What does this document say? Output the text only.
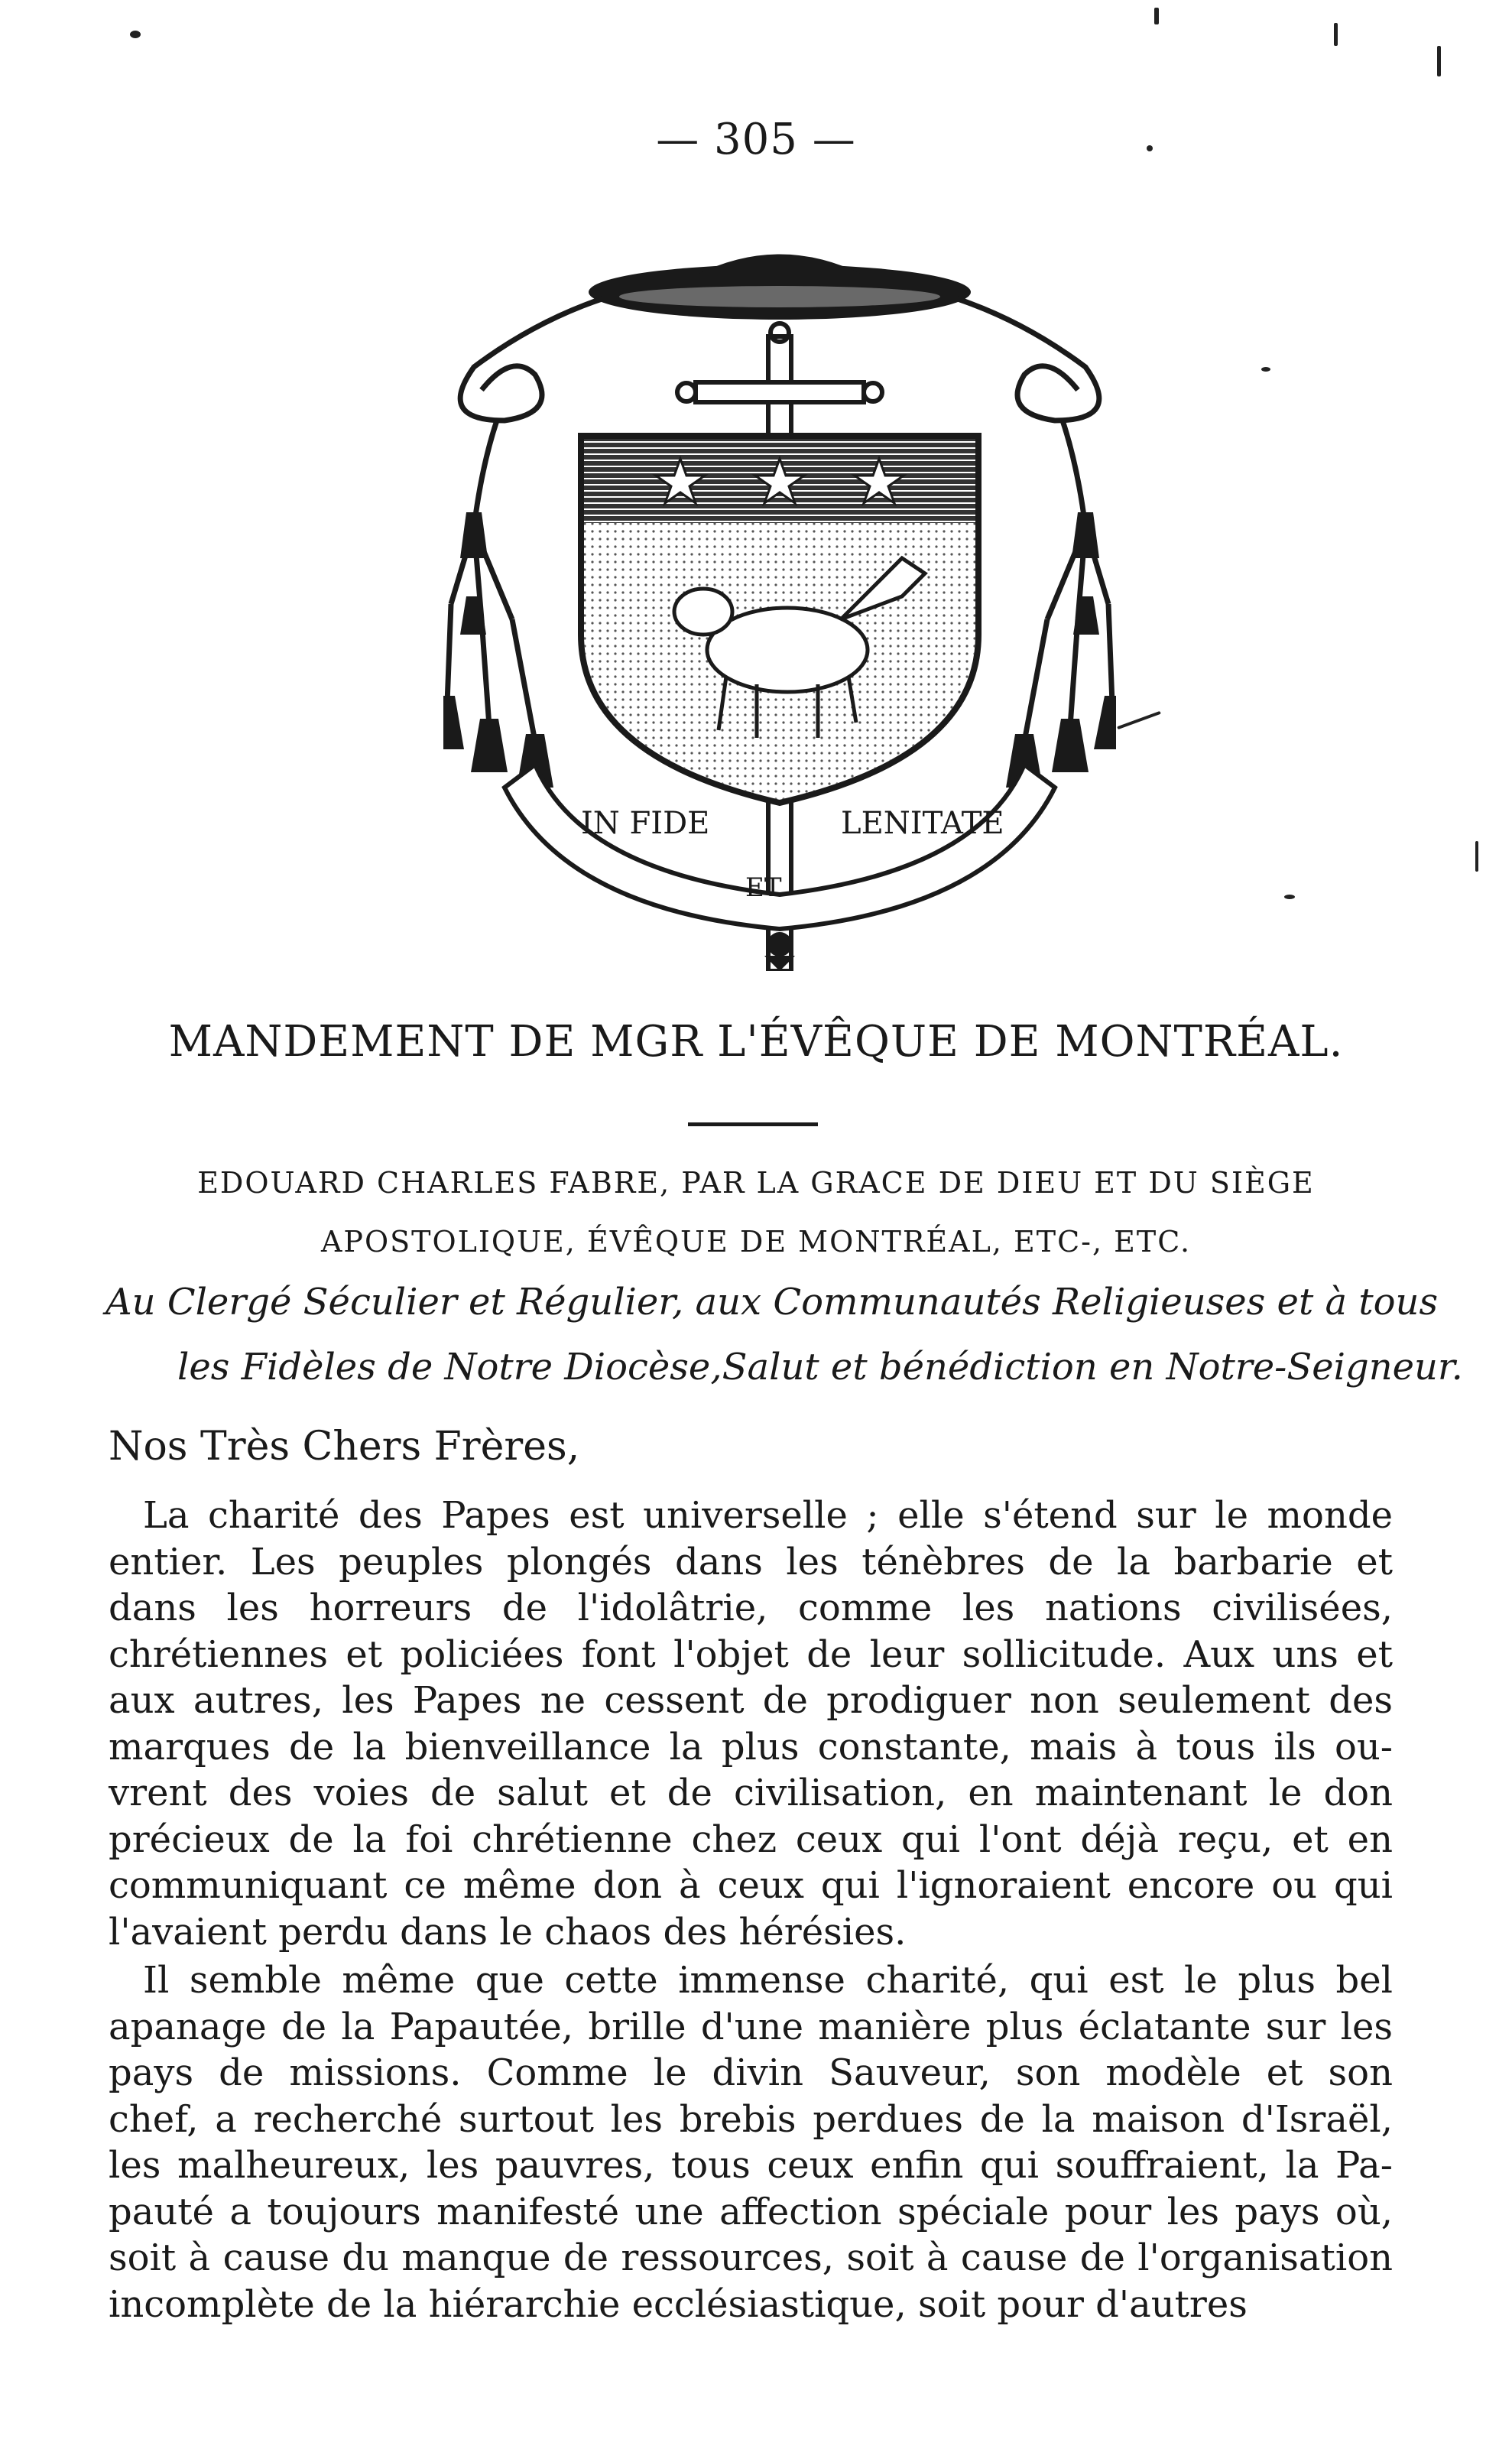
— 305 —
IN FIDE
ET
LENITATE
MANDEMENT DE MGR L'ÉVÊQUE DE MONTRÉAL.
EDOUARD CHARLES FABRE, PAR LA GRACE DE DIEU ET DU SIÈGE
APOSTOLIQUE, ÉVÊQUE DE MONTRÉAL, ETC-, ETC.
Au Clergé Séculier et Régulier, aux Communautés Religieuses et à tous
les Fidèles de Notre Diocèse,Salut et bénédiction en Notre-Seigneur.
Nos Très Chers Frères,
La charité des Papes est universelle ; elle s'étend sur le monde
entier. Les peuples plongés dans les ténèbres de la barbarie et
dans les horreurs de l'idolâtrie, comme les nations civilisées,
chrétiennes et policiées font l'objet de leur sollicitude. Aux uns et
aux autres, les Papes ne cessent de prodiguer non seulement des
marques de la bienveillance la plus constante, mais à tous ils ou-
vrent des voies de salut et de civilisation, en maintenant le don
précieux de la foi chrétienne chez ceux qui l'ont déjà reçu, et en
communiquant ce même don à ceux qui l'ignoraient encore ou qui
l'avaient perdu dans le chaos des hérésies.
Il semble même que cette immense charité, qui est le plus bel
apanage de la Papautée, brille d'une manière plus éclatante sur les
pays de missions. Comme le divin Sauveur, son modèle et son
chef, a recherché surtout les brebis perdues de la maison d'Israël,
les malheureux, les pauvres, tous ceux enfin qui souffraient, la Pa-
pauté a toujours manifesté une affection spéciale pour les pays où,
soit à cause du manque de ressources, soit à cause de l'organisation
incomplète de la hiérarchie ecclésiastique, soit pour d'autres
